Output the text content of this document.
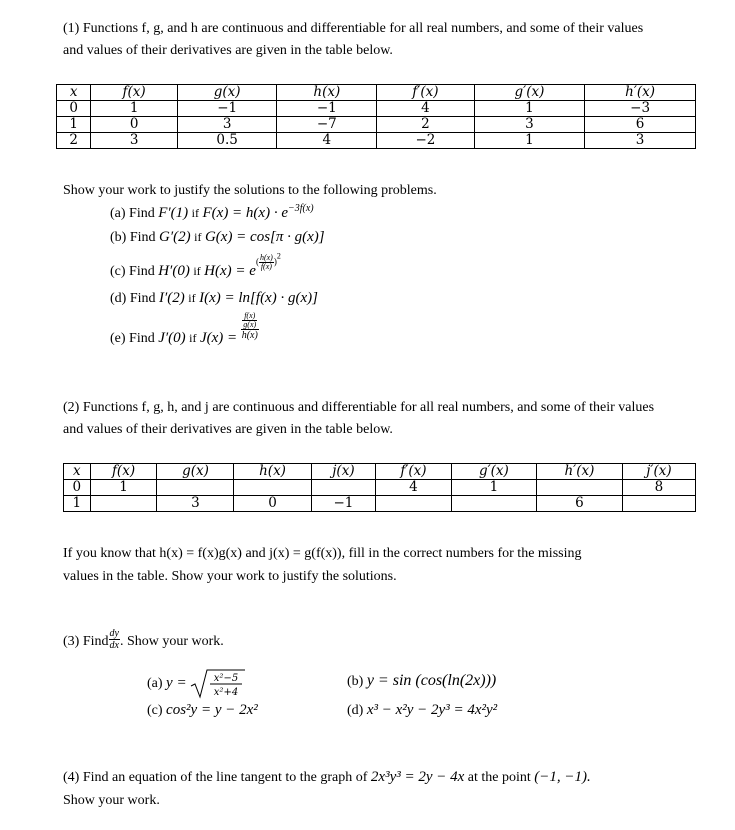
(1) Functions f, g, and h are continuous and differentiable for all real numbers, and some of their values
and values of their derivatives are given in the table below.
x	f(x)	g(x)	h(x)	f′(x)	g′(x)	h′(x)
0	1	−1	−1	4	1	−3
1	0	3	−7	2	3	6
2	3	0.5	4	−2	1	3
Show your work to justify the solutions to the following problems.
(a) Find F′(1) if $F(x) = h(x) \cdot e^{-3f(x)}$
(b) Find G′(2) if G(x) = cos[π · g(x)]
(c) Find H′(0) if $H(x) = e( \frac{h(x)}{f(x)} )^2$
(d) Find I′(2) if I(x) = ln[f(x) · g(x)]
(e) Find J′(0) if $J(x) = \frac{\frac{f(x)}{g(x)}}{h(x)}$
(2) Functions f, g, h, and j are continuous and differentiable for all real numbers, and some of their values
and values of their derivatives are given in the table below.
x	f(x)	g(x)	h(x)	j(x)	f′(x)	g′(x)	h′(x)	j′(x)
0	1				4	1		8
1		3	0	−1			6	
If you know that h(x) = f(x)g(x) and j(x) = g(f(x)), fill in the correct numbers for the missing
values in the table. Show your work to justify the solutions.
(3) Find $\frac{dy}{dx}$ . Show your work.
(a) y =	x²−5
x²+4
(b) y = sin (cos(ln(2x)))
(c) cos²y = y − 2x²	(d) x³ − x²y − 2y³ = 4x²y²
(4) Find an equation of the line tangent to the graph of 2x³y³ = 2y − 4x at the point (−1, −1).
Show your work.
